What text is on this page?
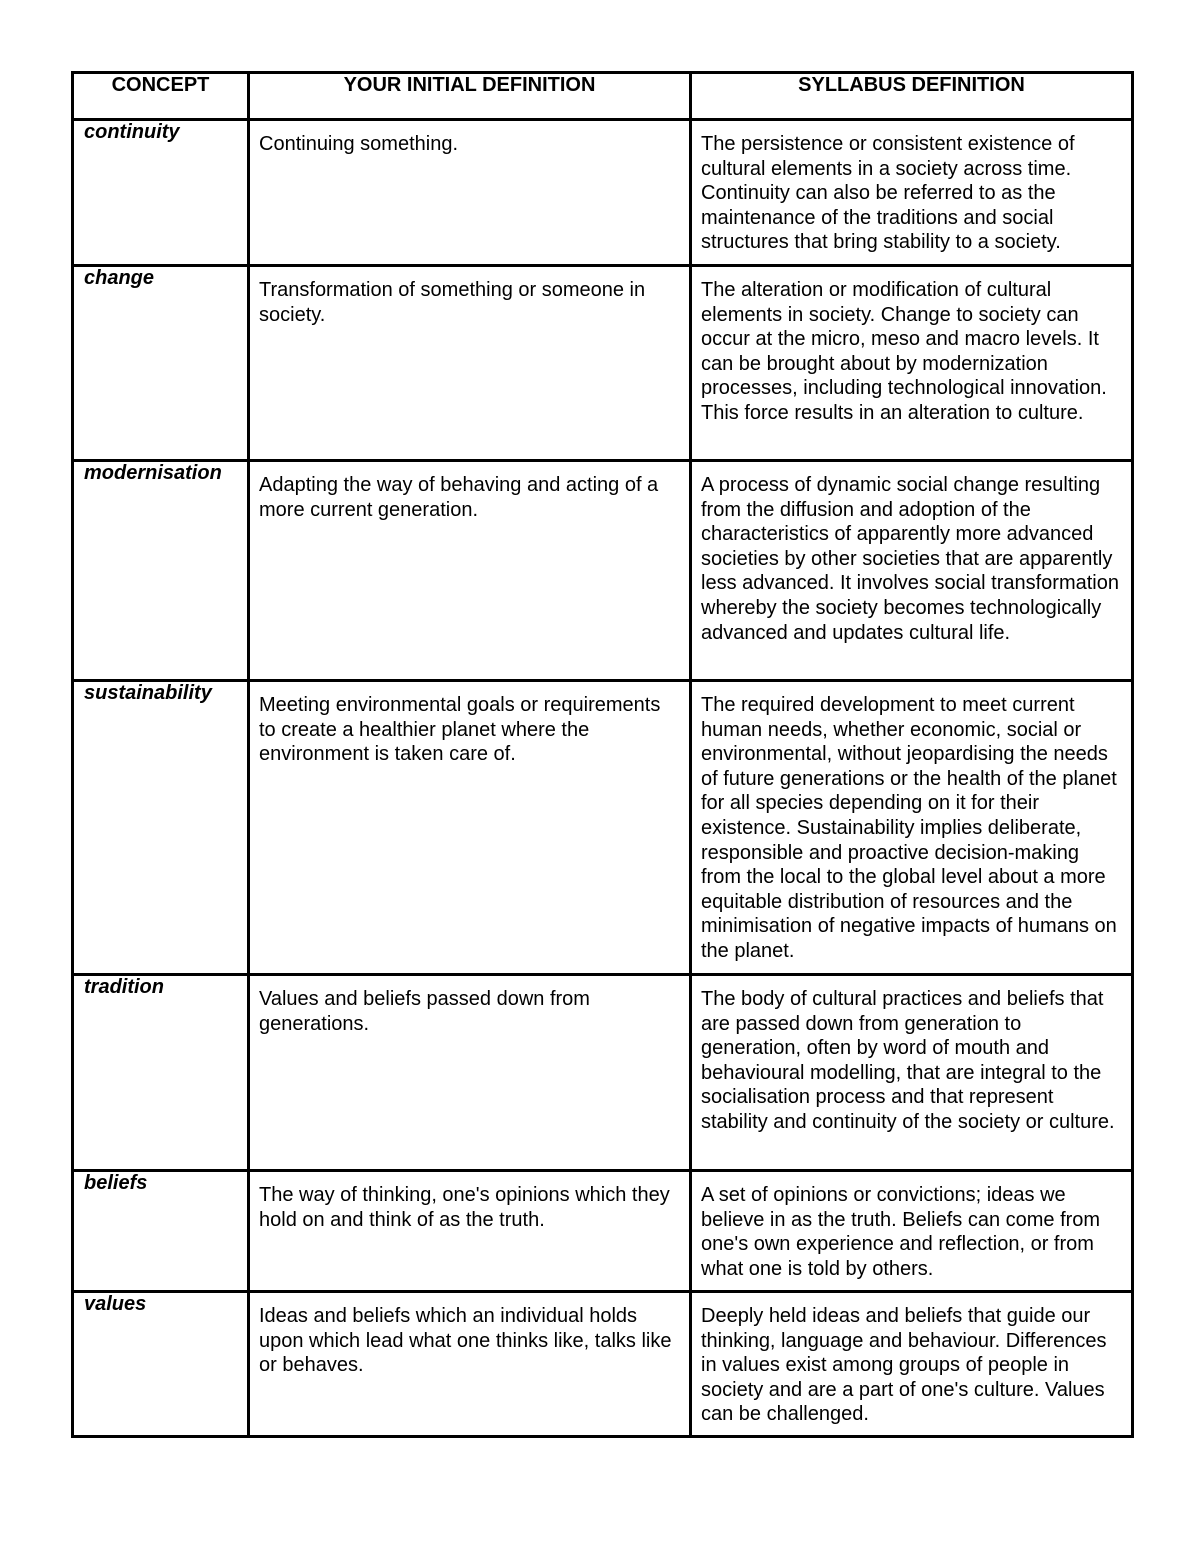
CONCEPT	YOUR INITIAL DEFINITION	SYLLABUS DEFINITION
continuity	Continuing something.	The persistence or consistent existence of cultural elements in a society across time. Continuity can also be referred to as the maintenance of the traditions and social structures that bring stability to a society.
change	Transformation of something or someone in society.	The alteration or modification of cultural elements in society. Change to society can occur at the micro, meso and macro levels. It can be brought about by modernization processes, including technological innovation. This force results in an alteration to culture.
modernisation	Adapting the way of behaving and acting of a more current generation.	A process of dynamic social change resulting from the diffusion and adoption of the characteristics of apparently more advanced societies by other societies that are apparently less advanced. It involves social transformation whereby the society becomes technologically advanced and updates cultural life.
sustainability	Meeting environmental goals or requirements to create a healthier planet where the environment is taken care of.	The required development to meet current human needs, whether economic, social or environmental, without jeopardising the needs of future generations or the health of the planet for all species depending on it for their existence. Sustainability implies deliberate, responsible and proactive decision-making from the local to the global level about a more equitable distribution of resources and the minimisation of negative impacts of humans on the planet.
tradition	Values and beliefs passed down from generations.	The body of cultural practices and beliefs that are passed down from generation to generation, often by word of mouth and behavioural modelling, that are integral to the socialisation process and that represent stability and continuity of the society or culture.
beliefs	The way of thinking, one's opinions which they hold on and think of as the truth.	A set of opinions or convictions; ideas we believe in as the truth. Beliefs can come from one's own experience and reflection, or from what one is told by others.
values	Ideas and beliefs which an individual holds upon which lead what one thinks like, talks like or behaves.	Deeply held ideas and beliefs that guide our thinking, language and behaviour. Differences in values exist among groups of people in society and are a part of one's culture. Values can be challenged.
